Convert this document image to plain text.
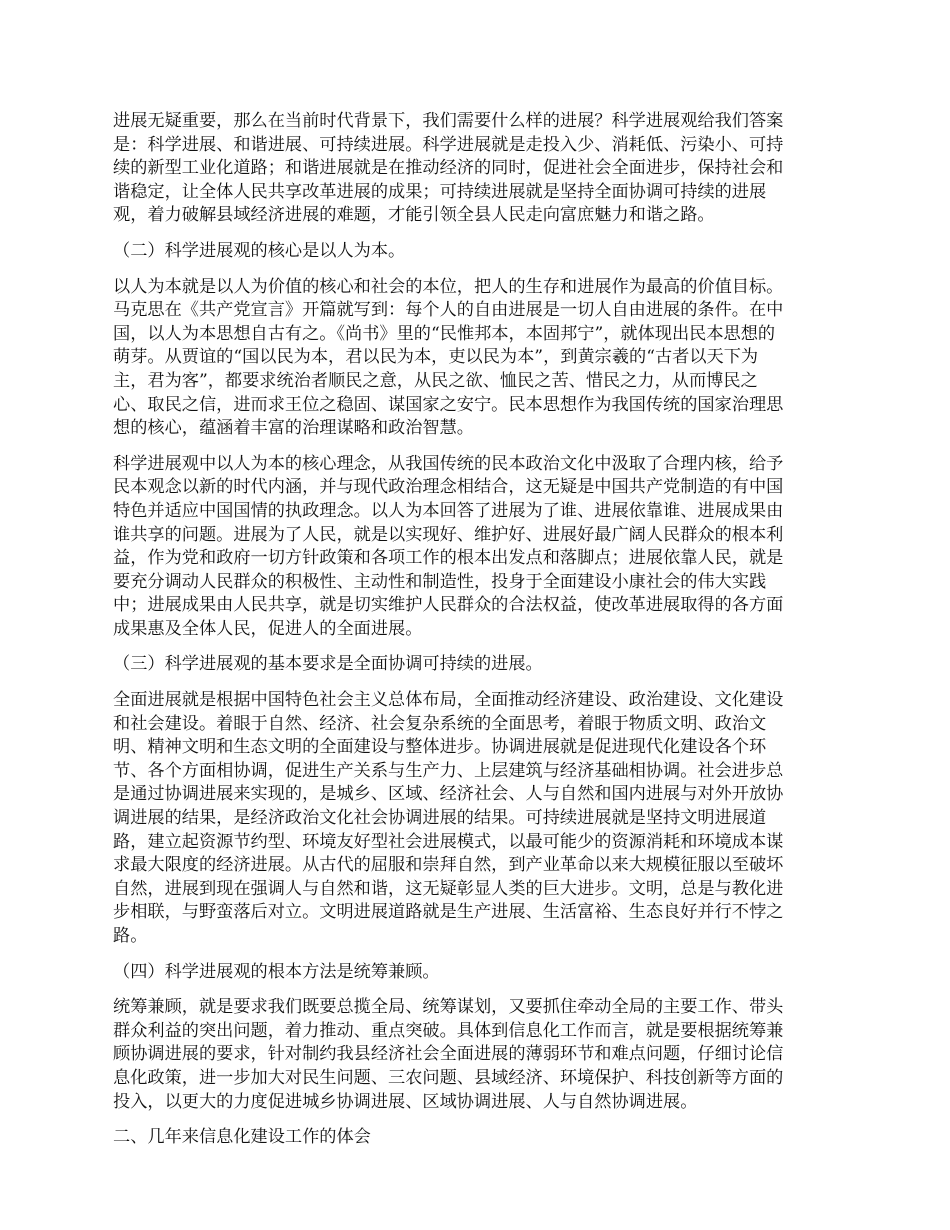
进展无疑重要，那么在当前时代背景下，我们需要什么样的进展？科学进展观给我们答案
是：科学进展、和谐进展、可持续进展。科学进展就是走投入少、消耗低、污染小、可持
续的新型工业化道路；和谐进展就是在推动经济的同时，促进社会全面进步，保持社会和
谐稳定，让全体人民共享改革进展的成果；可持续进展就是坚持全面协调可持续的进展
观，着力破解县域经济进展的难题，才能引领全县人民走向富庶魅力和谐之路。
（二）科学进展观的核心是以人为本。
以人为本就是以人为价值的核心和社会的本位，把人的生存和进展作为最高的价值目标。
马克思在《共产党宣言》开篇就写到：每个人的自由进展是一切人自由进展的条件。在中
国，以人为本思想自古有之。《尚书》里的“民惟邦本，本固邦宁”，就体现出民本思想的
萌芽。从贾谊的“国以民为本，君以民为本，吏以民为本”，到黄宗羲的“古者以天下为
主，君为客”，都要求统治者顺民之意，从民之欲、恤民之苦、惜民之力，从而博民之
心、取民之信，进而求王位之稳固、谋国家之安宁。民本思想作为我国传统的国家治理思
想的核心，蕴涵着丰富的治理谋略和政治智慧。
科学进展观中以人为本的核心理念，从我国传统的民本政治文化中汲取了合理内核，给予
民本观念以新的时代内涵，并与现代政治理念相结合，这无疑是中国共产党制造的有中国
特色并适应中国国情的执政理念。以人为本回答了进展为了谁、进展依靠谁、进展成果由
谁共享的问题。进展为了人民，就是以实现好、维护好、进展好最广阔人民群众的根本利
益，作为党和政府一切方针政策和各项工作的根本出发点和落脚点；进展依靠人民，就是
要充分调动人民群众的积极性、主动性和制造性，投身于全面建设小康社会的伟大实践
中；进展成果由人民共享，就是切实维护人民群众的合法权益，使改革进展取得的各方面
成果惠及全体人民，促进人的全面进展。
（三）科学进展观的基本要求是全面协调可持续的进展。
全面进展就是根据中国特色社会主义总体布局，全面推动经济建设、政治建设、文化建设
和社会建设。着眼于自然、经济、社会复杂系统的全面思考，着眼于物质文明、政治文
明、精神文明和生态文明的全面建设与整体进步。协调进展就是促进现代化建设各个环
节、各个方面相协调，促进生产关系与生产力、上层建筑与经济基础相协调。社会进步总
是通过协调进展来实现的，是城乡、区域、经济社会、人与自然和国内进展与对外开放协
调进展的结果，是经济政治文化社会协调进展的结果。可持续进展就是坚持文明进展道
路，建立起资源节约型、环境友好型社会进展模式，以最可能少的资源消耗和环境成本谋
求最大限度的经济进展。从古代的屈服和崇拜自然，到产业革命以来大规模征服以至破坏
自然，进展到现在强调人与自然和谐，这无疑彰显人类的巨大进步。文明，总是与教化进
步相联，与野蛮落后对立。文明进展道路就是生产进展、生活富裕、生态良好并行不悖之
路。
（四）科学进展观的根本方法是统筹兼顾。
统筹兼顾，就是要求我们既要总揽全局、统筹谋划，又要抓住牵动全局的主要工作、带头
群众利益的突出问题，着力推动、重点突破。具体到信息化工作而言，就是要根据统筹兼
顾协调进展的要求，针对制约我县经济社会全面进展的薄弱环节和难点问题，仔细讨论信
息化政策，进一步加大对民生问题、三农问题、县域经济、环境保护、科技创新等方面的
投入，以更大的力度促进城乡协调进展、区域协调进展、人与自然协调进展。
二、几年来信息化建设工作的体会
